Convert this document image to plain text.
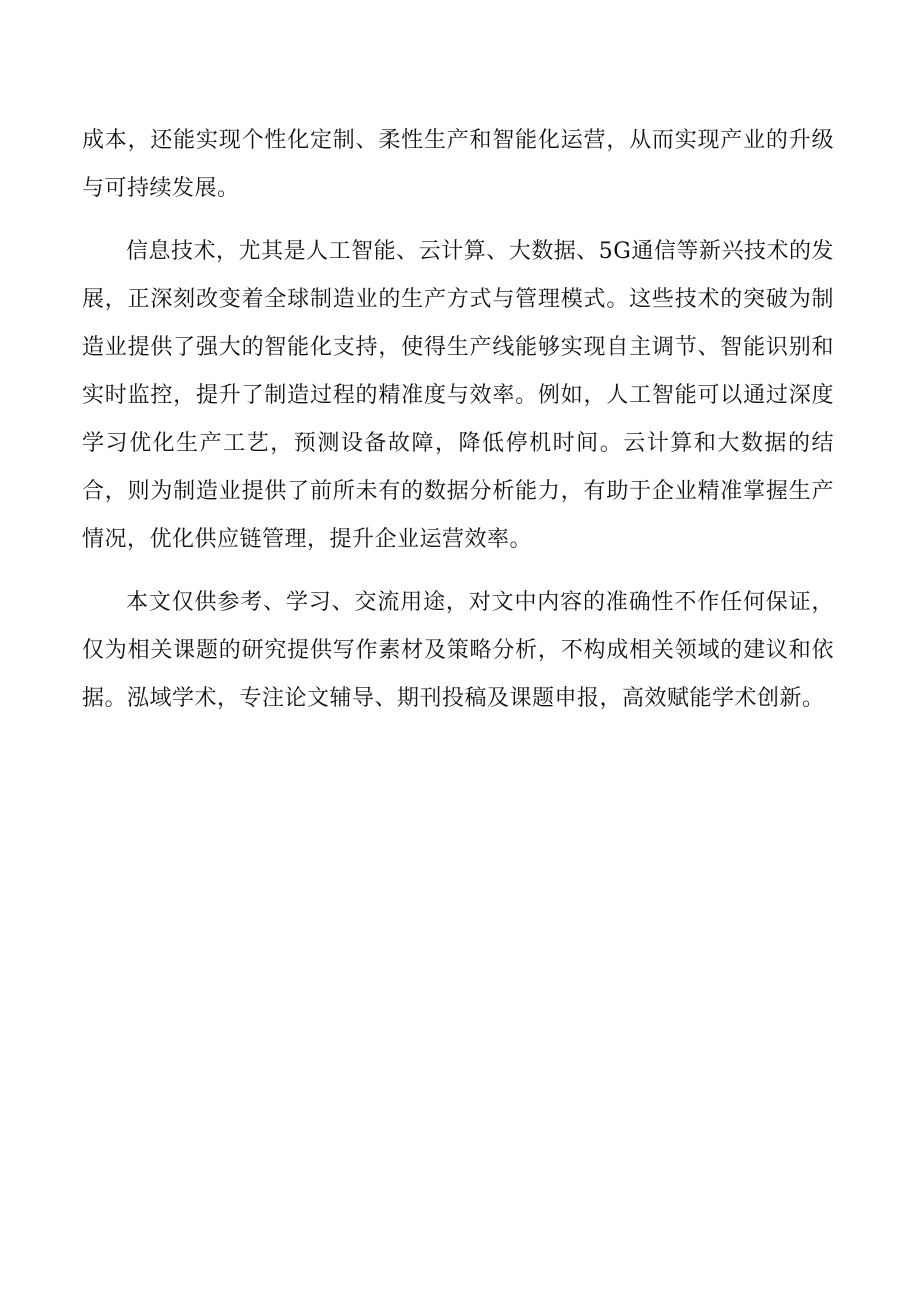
成本，还能实现个性化定制、柔性生产和智能化运营，从而实现产业的升级与可持续发展。

信息技术，尤其是人工智能、云计算、大数据、5G通信等新兴技术的发展，正深刻改变着全球制造业的生产方式与管理模式。这些技术的突破为制造业提供了强大的智能化支持，使得生产线能够实现自主调节、智能识别和实时监控，提升了制造过程的精准度与效率。例如，人工智能可以通过深度学习优化生产工艺，预测设备故障，降低停机时间。云计算和大数据的结合，则为制造业提供了前所未有的数据分析能力，有助于企业精准掌握生产情况，优化供应链管理，提升企业运营效率。

本文仅供参考、学习、交流用途，对文中内容的准确性不作任何保证，仅为相关课题的研究提供写作素材及策略分析，不构成相关领域的建议和依据。泓域学术，专注论文辅导、期刊投稿及课题申报，高效赋能学术创新。
